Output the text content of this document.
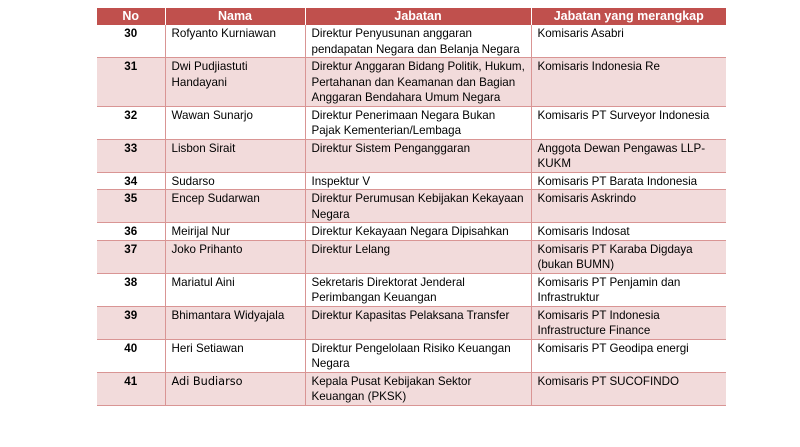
No	Nama	Jabatan	Jabatan yang merangkap
30	Rofyanto Kurniawan	Direktur Penyusunan anggaran pendapatan Negara dan Belanja Negara	Komisaris Asabri
31	Dwi Pudjiastuti Handayani	Direktur Anggaran Bidang Politik, Hukum, Pertahanan dan Keamanan dan Bagian Anggaran Bendahara Umum Negara	Komisaris Indonesia Re
32	Wawan Sunarjo	Direktur Penerimaan Negara Bukan Pajak Kementerian/Lembaga	Komisaris PT Surveyor Indonesia
33	Lisbon Sirait	Direktur Sistem Penganggaran	Anggota Dewan Pengawas LLP-KUKM
34	Sudarso	Inspektur V	Komisaris PT Barata Indonesia
35	Encep Sudarwan	Direktur Perumusan Kebijakan Kekayaan Negara	Komisaris Askrindo
36	Meirijal Nur	Direktur Kekayaan Negara Dipisahkan	Komisaris Indosat
37	Joko Prihanto	Direktur Lelang	Komisaris PT Karaba Digdaya (bukan BUMN)
38	Mariatul Aini	Sekretaris Direktorat Jenderal Perimbangan Keuangan	Komisaris PT Penjamin dan Infrastruktur
39	Bhimantara Widyajala	Direktur Kapasitas Pelaksana Transfer	Komisaris PT Indonesia Infrastructure Finance
40	Heri Setiawan	Direktur Pengelolaan Risiko Keuangan Negara	Komisaris PT Geodipa energi
41	Adi Budiarso	Kepala Pusat Kebijakan Sektor Keuangan (PKSK)	Komisaris PT SUCOFINDO
